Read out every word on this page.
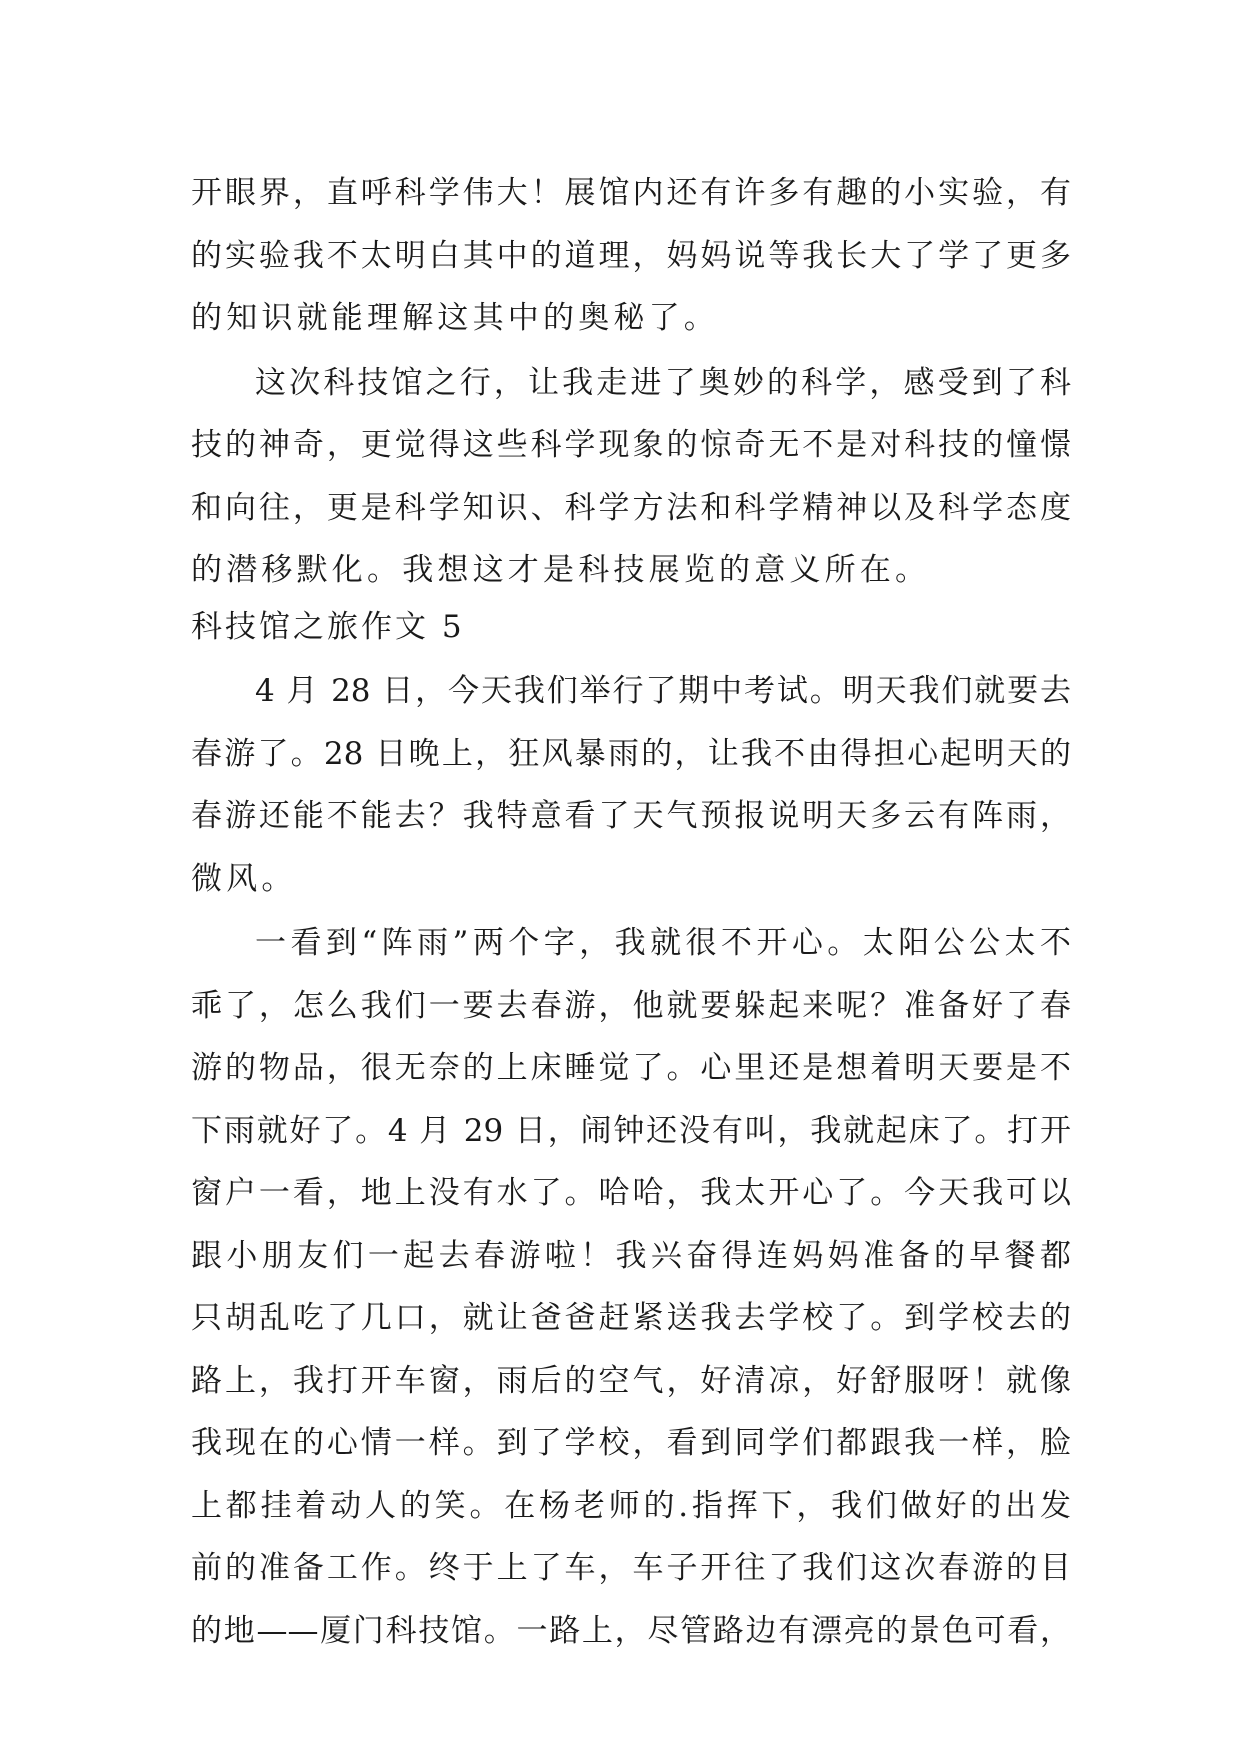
开眼界，直呼科学伟大！展馆内还有许多有趣的小实验，有
的实验我不太明白其中的道理，妈妈说等我长大了学了更多
的知识就能理解这其中的奥秘了。
这次科技馆之行，让我走进了奥妙的科学，感受到了科
技的神奇，更觉得这些科学现象的惊奇无不是对科技的憧憬
和向往，更是科学知识、科学方法和科学精神以及科学态度
的潜移默化。我想这才是科技展览的意义所在。
科技馆之旅作文 5
4 月 28 日，今天我们举行了期中考试。明天我们就要去
春游了。28 日晚上，狂风暴雨的，让我不由得担心起明天的
春游还能不能去？我特意看了天气预报说明天多云有阵雨，
微风。
一看到“阵雨”两个字，我就很不开心。太阳公公太不
乖了，怎么我们一要去春游，他就要躲起来呢？准备好了春
游的物品，很无奈的上床睡觉了。心里还是想着明天要是不
下雨就好了。4 月 29 日，闹钟还没有叫，我就起床了。打开
窗户一看，地上没有水了。哈哈，我太开心了。今天我可以
跟小朋友们一起去春游啦！我兴奋得连妈妈准备的早餐都
只胡乱吃了几口，就让爸爸赶紧送我去学校了。到学校去的
路上，我打开车窗，雨后的空气，好清凉，好舒服呀！就像
我现在的心情一样。到了学校，看到同学们都跟我一样，脸
上都挂着动人的笑。在杨老师的.指挥下，我们做好的出发
前的准备工作。终于上了车，车子开往了我们这次春游的目
的地——厦门科技馆。一路上，尽管路边有漂亮的景色可看，
